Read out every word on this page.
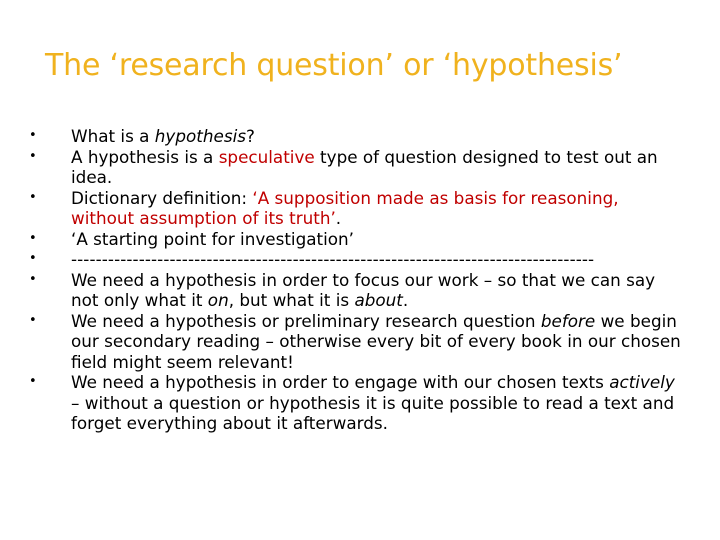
The ‘research question’ or ‘hypothesis’
• What is a hypothesis?
• A hypothesis is a speculative type of question designed to test out an idea.
• Dictionary definition: ‘A supposition made as basis for reasoning, without assumption of its truth’.
• ‘A starting point for investigation’
• -------------------------------------------------------------------------------------
• We need a hypothesis in order to focus our work – so that we can say not only what it on, but what it is about.
• We need a hypothesis or preliminary research question before we begin our secondary reading – otherwise every bit of every book in our chosen field might seem relevant!
• We need a hypothesis in order to engage with our chosen texts actively – without a question or hypothesis it is quite possible to read a text and forget everything about it afterwards.
